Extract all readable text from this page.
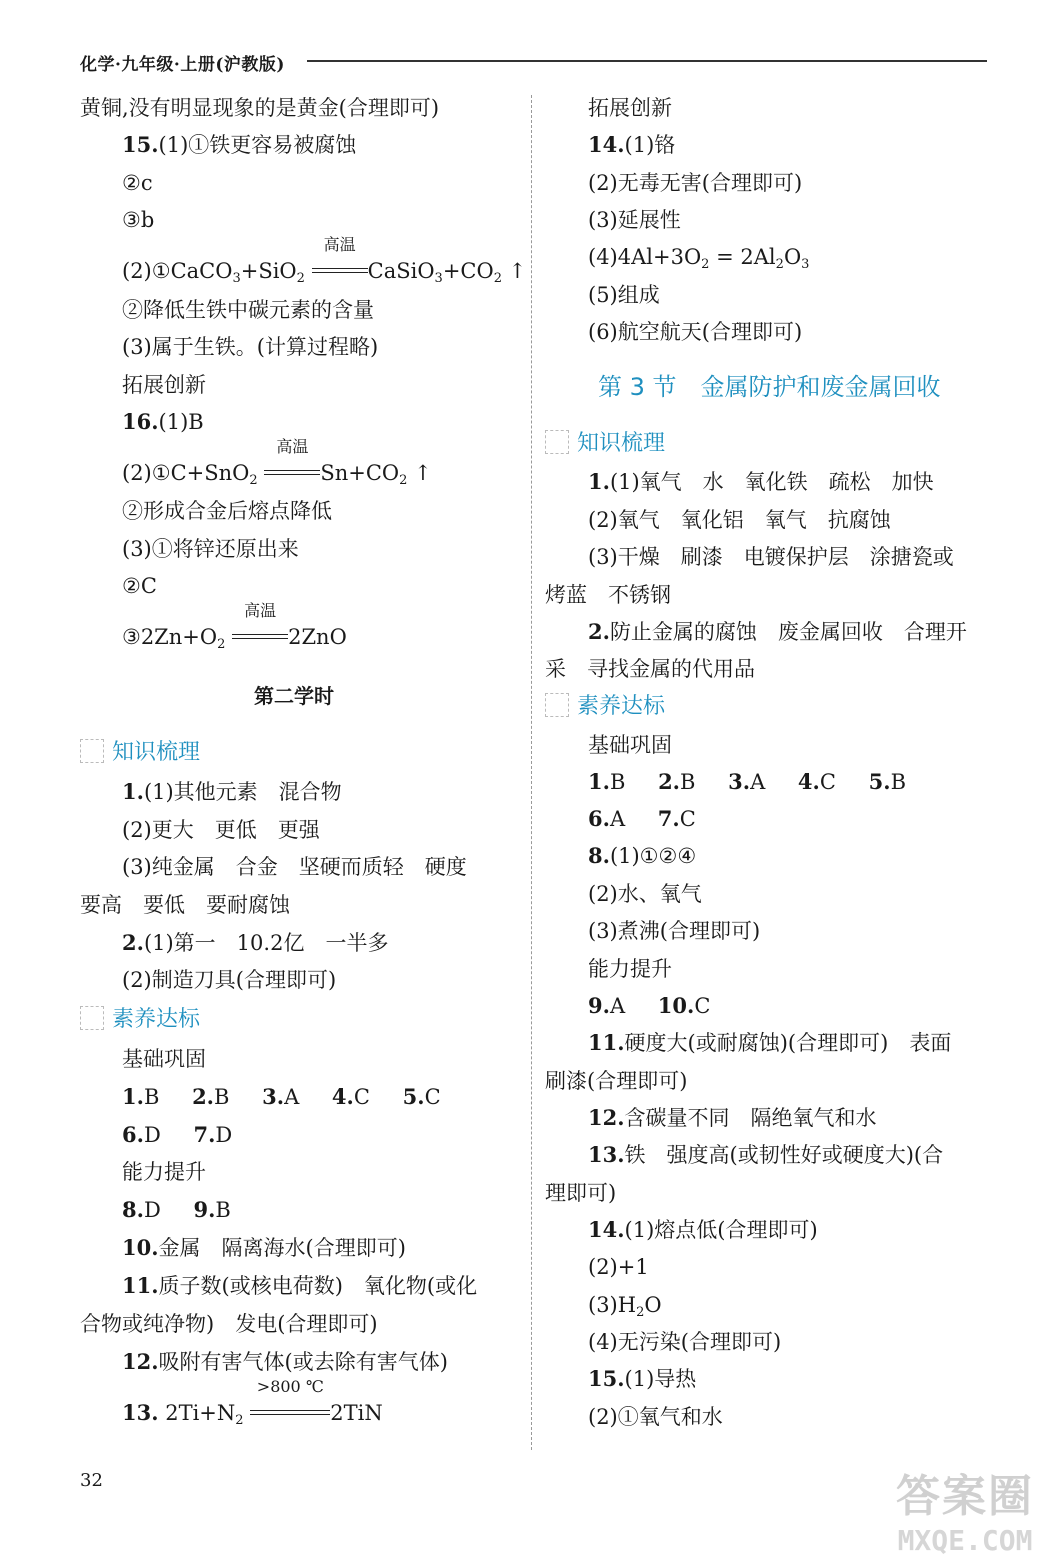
化学·九年级·上册(沪教版)
黄铜,没有明显现象的是黄金(合理即可)
15.(1)①铁更容易被腐蚀
②c
③b
(2)①CaCO$_3$+SiO$_2$
高温
$CaSiO_3+CO_2$ ↑
②降低生铁中碳元素的含量
(3)属于生铁。(计算过程略)
拓展创新
16.(1)B
(2)①C+SnO$_2$
高温
$Sn+CO_2$ ↑
②形成合金后熔点降低
(3)①将锌还原出来
②C
$③2Zn+O_2$
高温
2ZnO
第二学时
知识梳理
1.(1)其他元素　混合物
(2)更大　更低　更强
(3)纯金属　合金　坚硬而质轻　硬度
要高　要低　要耐腐蚀
2.(1)第一　10.2亿　一半多
(2)制造刀具(合理即可)
素养达标
基础巩固
1.B 2.B 3.A 4.C 5.C
6.D 7.D
能力提升
8.D 9.B
10.金属　隔离海水(合理即可)
11.质子数(或核电荷数)　氧化物(或化
合物或纯净物)　发电(合理即可)
12.吸附有害气体(或去除有害气体)
13. $2Ti+N_2$
>800 ℃
2TiN
拓展创新
14.(1)铬
(2)无毒无害(合理即可)
(3)延展性
$(4)4Al+3O_2 = 2Al_2O_3$
(5)组成
(6)航空航天(合理即可)
第 3 节　金属防护和废金属回收
知识梳理
1.(1)氧气　水　氧化铁　疏松　加快
(2)氧气　氧化铝　氧气　抗腐蚀
(3)干燥　刷漆　电镀保护层　涂搪瓷或
烤蓝　不锈钢
2.防止金属的腐蚀　废金属回收　合理开
采　寻找金属的代用品
素养达标
基础巩固
1.B 2.B 3.A 4.C 5.B
6.A 7.C
8.(1)①②④
(2)水、氧气
(3)煮沸(合理即可)
能力提升
9.A 10.C
11.硬度大(或耐腐蚀)(合理即可)　表面
刷漆(合理即可)
12.含碳量不同　隔绝氧气和水
13.铁　强度高(或韧性好或硬度大)(合
理即可)
14.(1)熔点低(合理即可)
(2)+1
$(3)H_2O$
(4)无污染(合理即可)
15.(1)导热
(2)①氧气和水
32	答案圈
MXQE.COM
